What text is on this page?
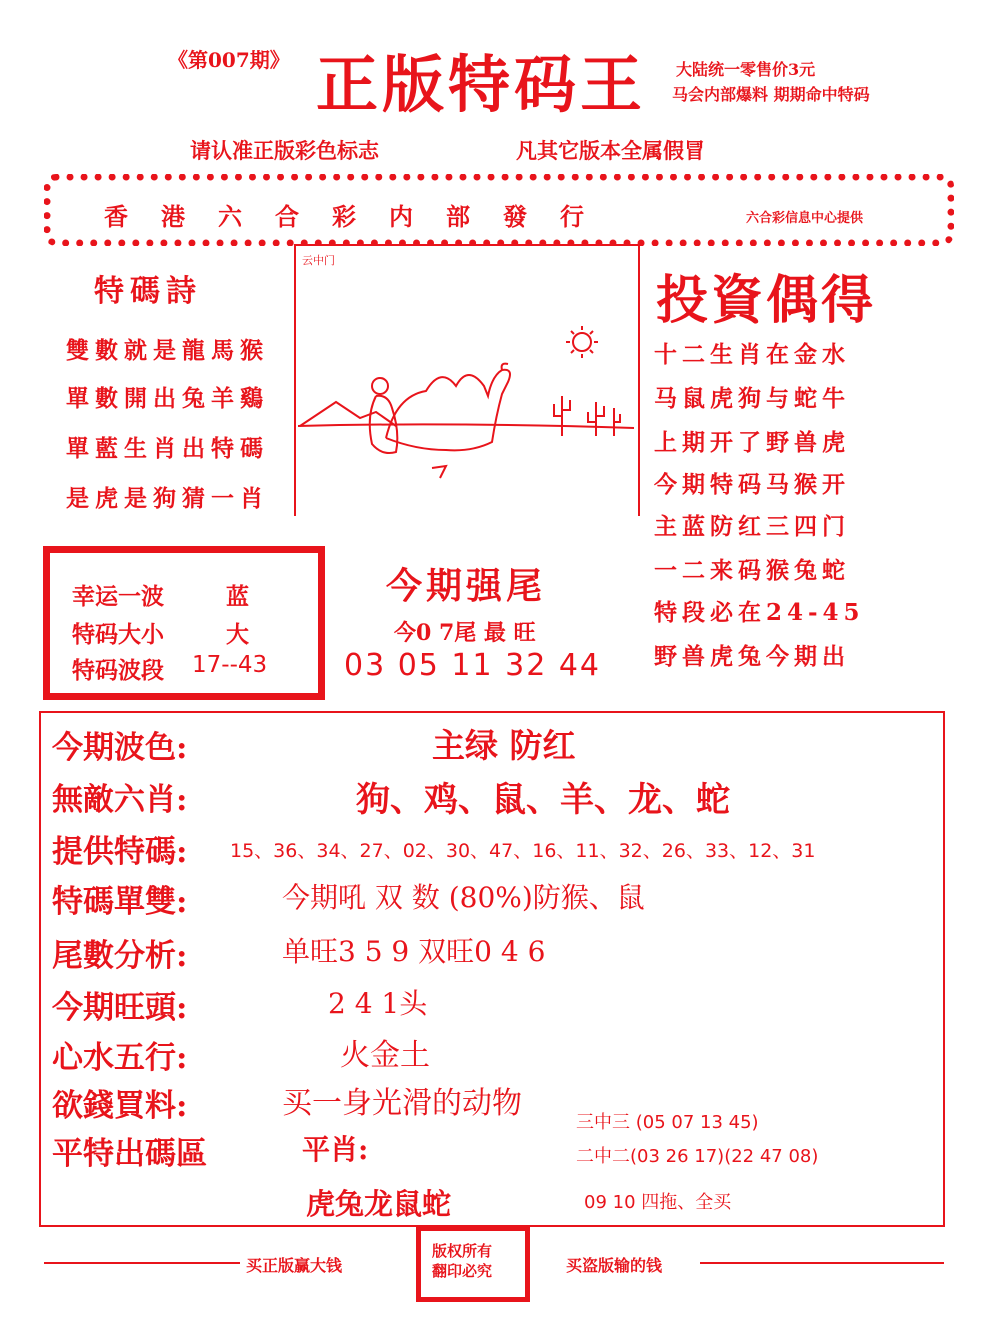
《第007期》 正版特码王 大陆统一零售价3元
马会内部爆料 期期命中特码
请认准正版彩色标志	凡其它版本全属假冒
香港六合彩内部發行	六合彩信息中心提供
特碼詩
雙數就是龍馬猴
單數開出兔羊鷄
單藍生肖出特碼
是虎是狗猜一肖
云中门
幸运一波	蓝
特码大小	大
特码波段 17--43
今期强尾
今0 7尾 最 旺
03 05 11 32 44
投資偶得
十二生肖在金水
马鼠虎狗与蛇牛
上期开了野兽虎
今期特码马猴开
主蓝防红三四门
一二来码猴兔蛇
特段必在24-45
野兽虎兔今期出
今期波色:	主绿 防红
無敵六肖:	狗、鸡、鼠、羊、龙、蛇
提供特碼: 15、36、34、27、02、30、47、16、11、32、26、33、12、31
特碼單雙:	今期吼 双 数 (80%)防猴、鼠
尾數分析:	单旺3 5 9 双旺0 4 6
今期旺頭:	2 4 1头
心水五行:	火金土
欲錢買料:	买一身光滑的动物
平特出碼區	平肖:
虎兔龙鼠蛇
三中三 (05 07 13 45)
二中二(03 26 17)(22 47 08)
09 10 四拖、全买
买正版赢大钱	买盗版输的钱
版权所有
翻印必究
